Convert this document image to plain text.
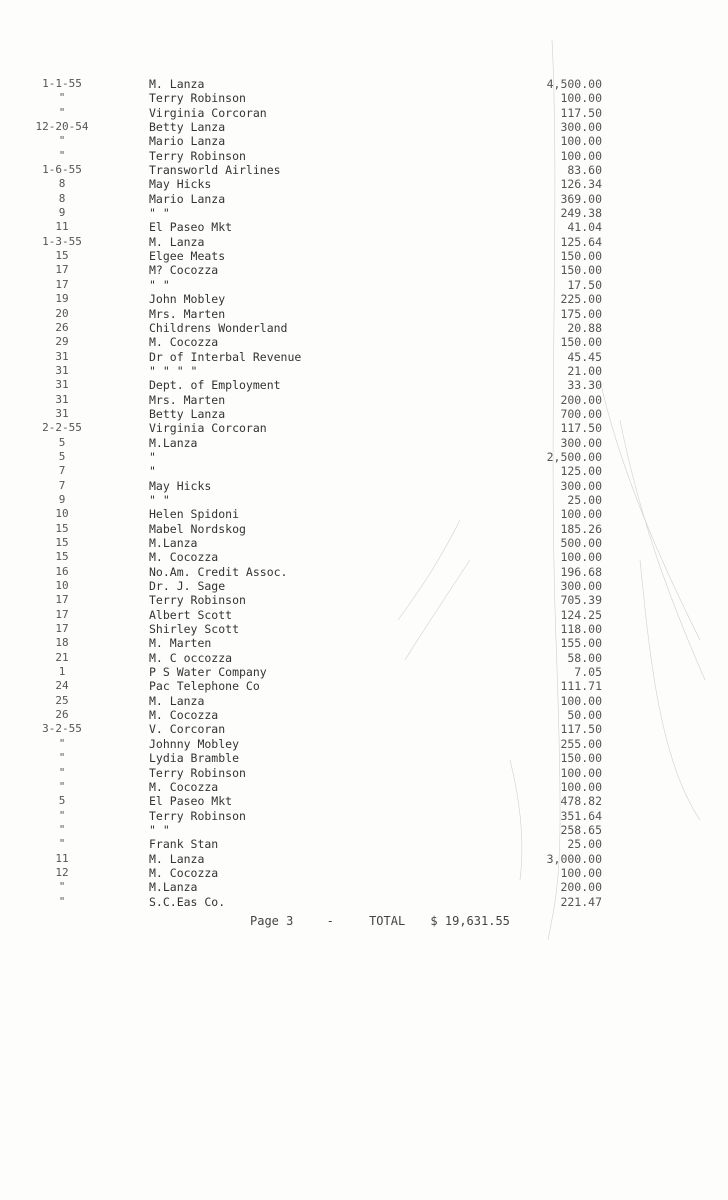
1-1-55	M. Lanza	4,500.00
"	Terry Robinson	100.00
"	Virginia Corcoran	117.50
12-20-54	Betty Lanza	300.00
"	Mario Lanza	100.00
"	Terry Robinson	100.00
1-6-55	Transworld Airlines	83.60
8	May Hicks	126.34
8	Mario Lanza	369.00
9	" "	249.38
11	El Paseo Mkt	41.04
1-3-55	M. Lanza	125.64
15	Elgee Meats	150.00
17	M? Cocozza	150.00
17	" "	17.50
19	John Mobley	225.00
20	Mrs. Marten	175.00
26	Childrens Wonderland	20.88
29	M. Cocozza	150.00
31	Dr of Interbal Revenue	45.45
31	" " " "	21.00
31	Dept. of Employment	33.30
31	Mrs. Marten	200.00
31	Betty Lanza	700.00
2-2-55	Virginia Corcoran	117.50
5	M.Lanza	300.00
5	"	2,500.00
7	"	125.00
7	May Hicks	300.00
9	" "	25.00
10	Helen Spidoni	100.00
15	Mabel Nordskog	185.26
15	M.Lanza	500.00
15	M. Cocozza	100.00
16	No.Am. Credit Assoc.	196.68
10	Dr. J. Sage	300.00
17	Terry Robinson	705.39
17	Albert Scott	124.25
17	Shirley Scott	118.00
18	M. Marten	155.00
21	M. C occozza	58.00
1	P S Water Company	7.05
24	Pac Telephone Co	111.71
25	M. Lanza	100.00
26	M. Cocozza	50.00
3-2-55	V. Corcoran	117.50
"	Johnny Mobley	255.00
"	Lydia Bramble	150.00
"	Terry Robinson	100.00
"	M. Cocozza	100.00
5	El Paseo Mkt	478.82
"	Terry Robinson	351.64
"	" "	258.65
"	Frank Stan	25.00
11	M. Lanza	3,000.00
12	M. Cocozza	100.00
"	M.Lanza	200.00
"	S.C.Eas Co.	221.47
Page 3	-	TOTAL $ 19,631.55
